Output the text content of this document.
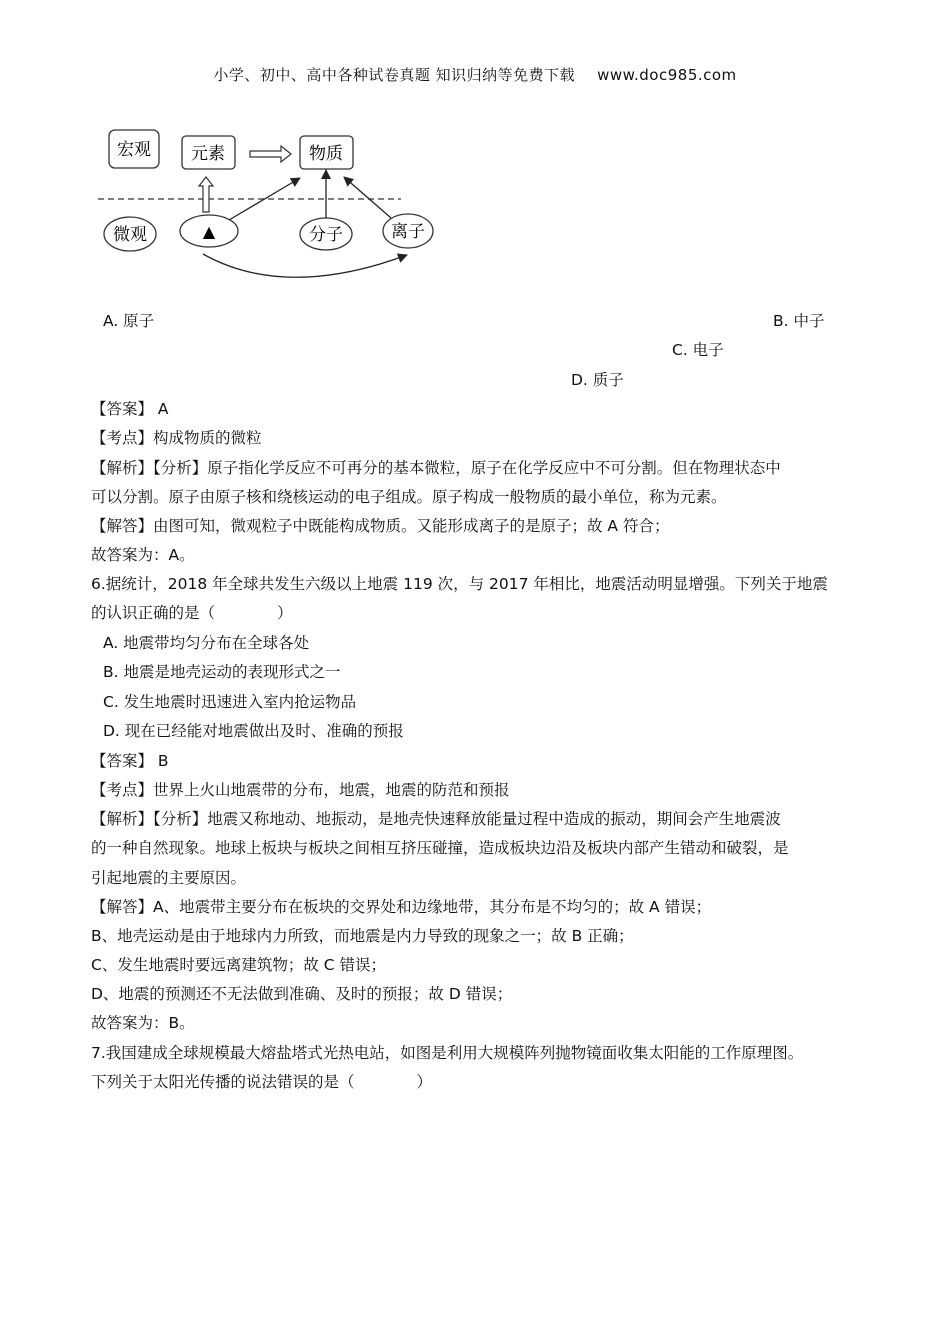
小学、初中、高中各种试卷真题 知识归纳等免费下载 www.doc985.com
宏观 元素	物质
微观	▲	分子	离子
A. 原子	B. 中子
C. 电子
D. 质子
【答案】 A
【考点】构成物质的微粒
【解析】【分析】原子指化学反应不可再分的基本微粒，原子在化学反应中不可分割。但在物理状态中
可以分割。原子由原子核和绕核运动的电子组成。原子构成一般物质的最小单位，称为元素。
【解答】由图可知，微观粒子中既能构成物质。又能形成离子的是原子；故 A 符合；
故答案为：A。
6.据统计，2018 年全球共发生六级以上地震 119 次，与 2017 年相比，地震活动明显增强。下列关于地震
的认识正确的是（　　　　）
A. 地震带均匀分布在全球各处
B. 地震是地壳运动的表现形式之一
C. 发生地震时迅速进入室内抢运物品
D. 现在已经能对地震做出及时、准确的预报
【答案】 B
【考点】世界上火山地震带的分布，地震，地震的防范和预报
【解析】【分析】地震又称地动、地振动，是地壳快速释放能量过程中造成的振动，期间会产生地震波
的一种自然现象。地球上板块与板块之间相互挤压碰撞，造成板块边沿及板块内部产生错动和破裂，是
引起地震的主要原因。
【解答】A、地震带主要分布在板块的交界处和边缘地带，其分布是不均匀的；故 A 错误；
B、地壳运动是由于地球内力所致，而地震是内力导致的现象之一；故 B 正确；
C、发生地震时要远离建筑物；故 C 错误；
D、地震的预测还不无法做到准确、及时的预报；故 D 错误；
故答案为：B。
7.我国建成全球规模最大熔盐塔式光热电站，如图是利用大规模阵列抛物镜面收集太阳能的工作原理图。
下列关于太阳光传播的说法错误的是（　　　　）
